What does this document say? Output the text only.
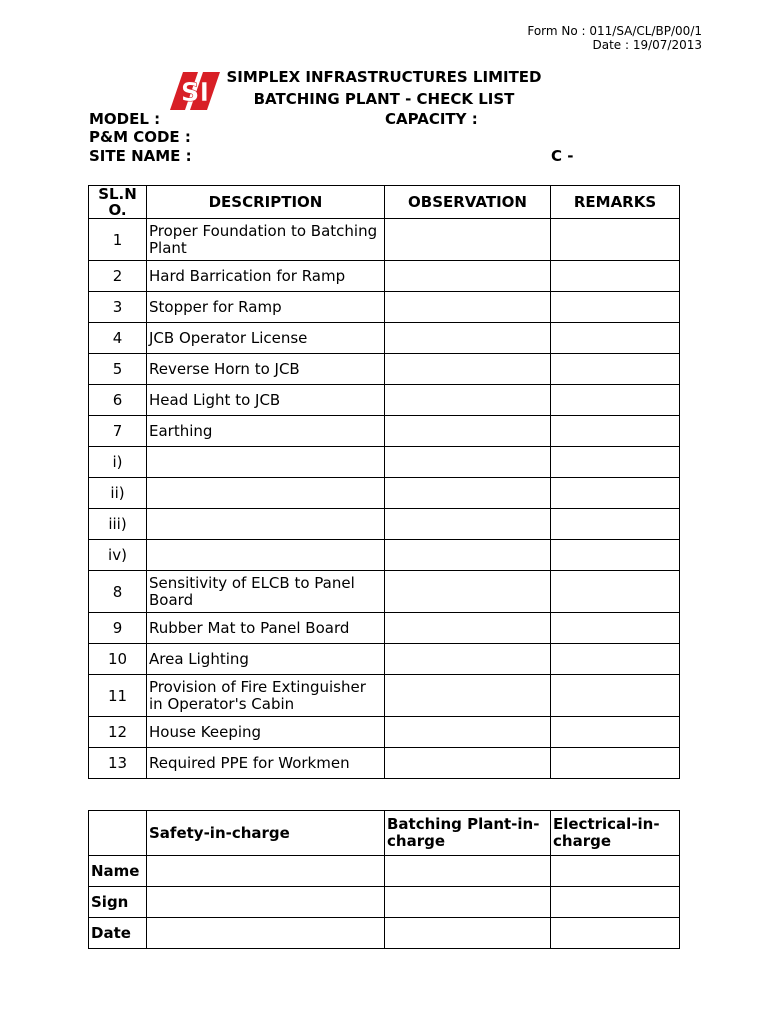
Form No : 011/SA/CL/BP/00/1
Date : 19/07/2013
SI
SIMPLEX INFRASTRUCTURES LIMITED
BATCHING PLANT - CHECK LIST
MODEL :	CAPACITY :
P&M CODE :
SITE NAME :	C -
SL.NO.	DESCRIPTION	OBSERVATION	REMARKS
1	Proper Foundation to Batching Plant		
2	Hard Barrication for Ramp		
3	Stopper for Ramp		
4	JCB Operator License		
5	Reverse Horn to JCB		
6	Head Light to JCB		
7	Earthing		
i)			
ii)			
iii)			
iv)			
8	Sensitivity of ELCB to Panel Board		
9	Rubber Mat to Panel Board		
10	Area Lighting		
11	Provision of Fire Extinguisher in Operator's Cabin		
12	House Keeping		
13	Required PPE for Workmen		
	Safety-in-charge	Batching Plant-in-charge	Electrical-in-charge
Name			
Sign			
Date			
